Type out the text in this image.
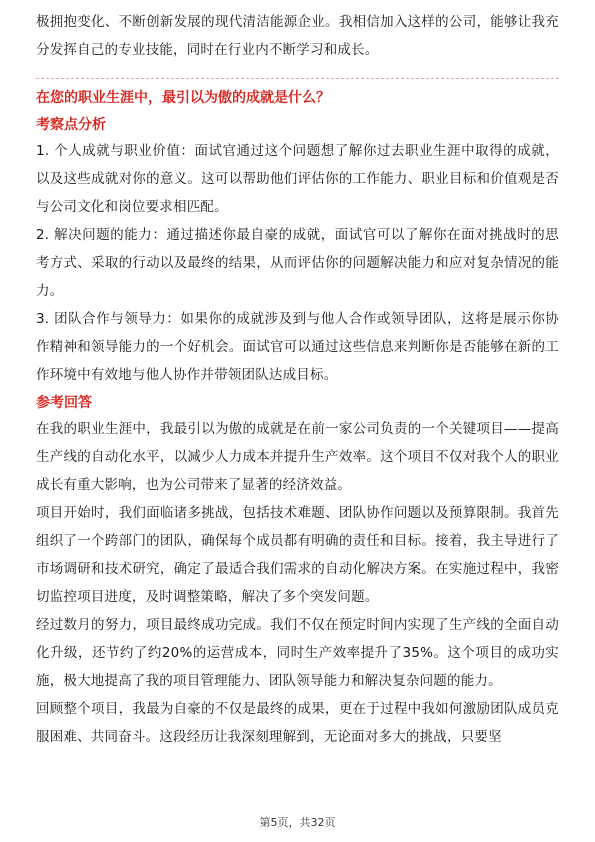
极拥抱变化、不断创新发展的现代清洁能源企业。我相信加入这样的公司，能够让我充分发挥自己的专业技能，同时在行业内不断学习和成长。

在您的职业生涯中，最引以为傲的成就是什么？
考察点分析

1. 个人成就与职业价值：面试官通过这个问题想了解你过去职业生涯中取得的成就，以及这些成就对你的意义。这可以帮助他们评估你的工作能力、职业目标和价值观是否与公司文化和岗位要求相匹配。

2. 解决问题的能力：通过描述你最自豪的成就，面试官可以了解你在面对挑战时的思考方式、采取的行动以及最终的结果，从而评估你的问题解决能力和应对复杂情况的能力。

3. 团队合作与领导力：如果你的成就涉及到与他人合作或领导团队，这将是展示你协作精神和领导能力的一个好机会。面试官可以通过这些信息来判断你是否能够在新的工作环境中有效地与他人协作并带领团队达成目标。

参考回答

在我的职业生涯中，我最引以为傲的成就是在前一家公司负责的一个关键项目——提高生产线的自动化水平，以减少人力成本并提升生产效率。这个项目不仅对我个人的职业成长有重大影响，也为公司带来了显著的经济效益。

项目开始时，我们面临诸多挑战，包括技术难题、团队协作问题以及预算限制。我首先组织了一个跨部门的团队，确保每个成员都有明确的责任和目标。接着，我主导进行了市场调研和技术研究，确定了最适合我们需求的自动化解决方案。在实施过程中，我密切监控项目进度，及时调整策略，解决了多个突发问题。

经过数月的努力，项目最终成功完成。我们不仅在预定时间内实现了生产线的全面自动化升级，还节约了约20%的运营成本，同时生产效率提升了35%。这个项目的成功实施，极大地提高了我的项目管理能力、团队领导能力和解决复杂问题的能力。

回顾整个项目，我最为自豪的不仅是最终的成果，更在于过程中我如何激励团队成员克服困难、共同奋斗。这段经历让我深刻理解到，无论面对多大的挑战，只要坚

第5页，共32页
